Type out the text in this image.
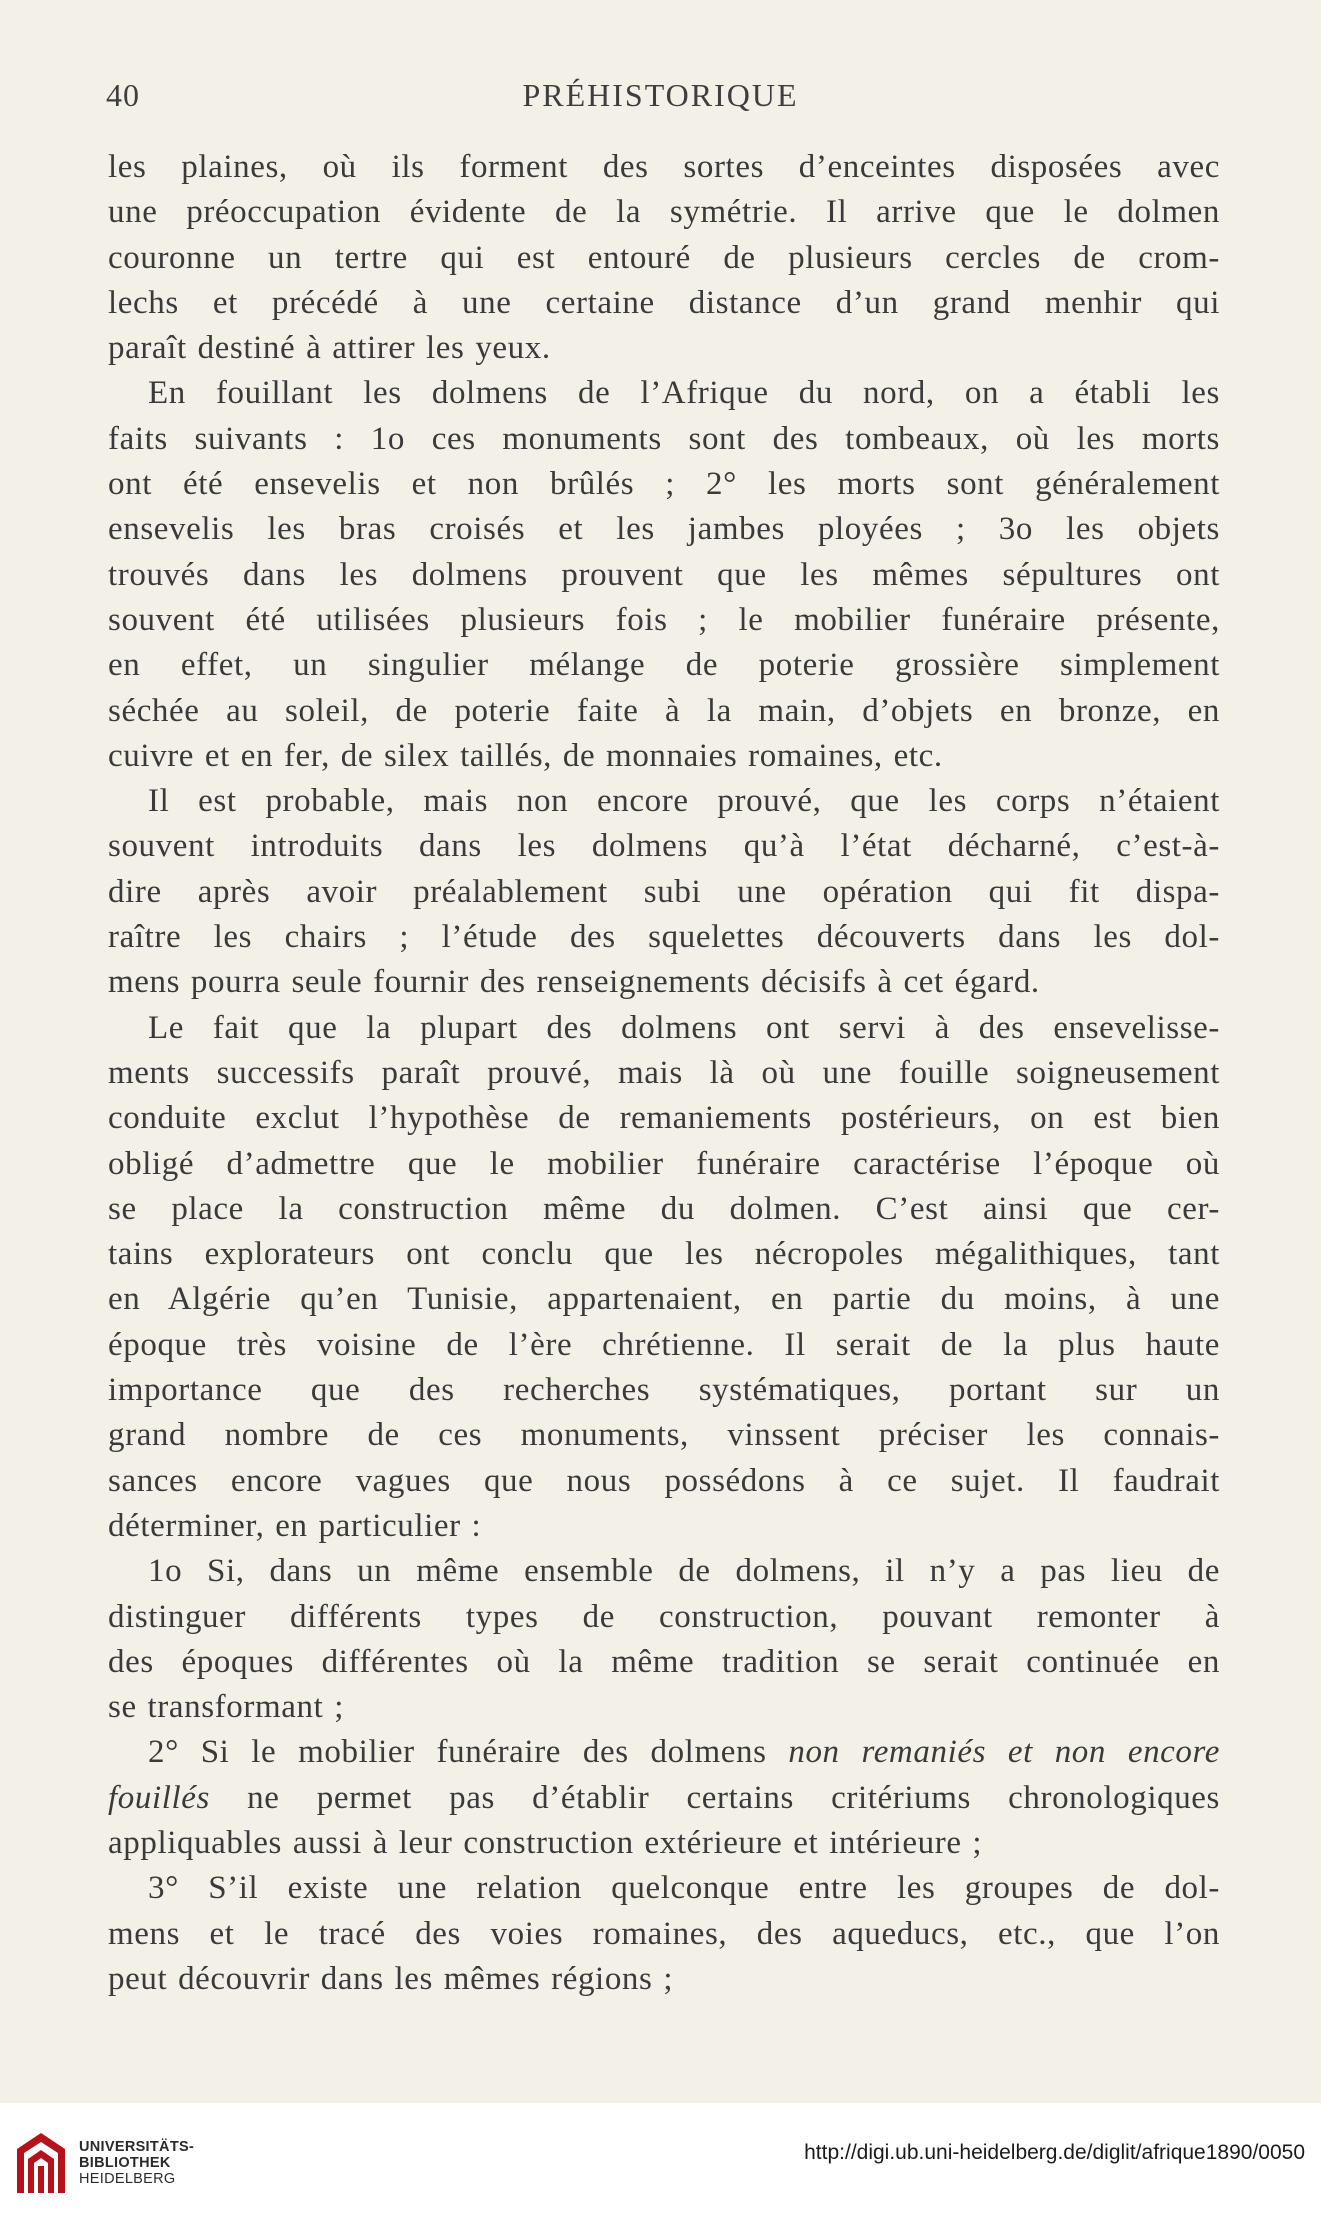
40	PRÉHISTORIQUE
les plaines, où ils forment des sortes d’enceintes disposées avec
une préoccupation évidente de la symétrie. Il arrive que le dolmen
couronne un tertre qui est entouré de plusieurs cercles de crom-
lechs et précédé à une certaine distance d’un grand menhir qui
paraît destiné à attirer les yeux.
En fouillant les dolmens de l’Afrique du nord, on a établi les
faits suivants : 1o ces monuments sont des tombeaux, où les morts
ont été ensevelis et non brûlés ; 2° les morts sont généralement
ensevelis les bras croisés et les jambes ployées ; 3o les objets
trouvés dans les dolmens prouvent que les mêmes sépultures ont
souvent été utilisées plusieurs fois ; le mobilier funéraire présente,
en effet, un singulier mélange de poterie grossière simplement
séchée au soleil, de poterie faite à la main, d’objets en bronze, en
cuivre et en fer, de silex taillés, de monnaies romaines, etc.
Il est probable, mais non encore prouvé, que les corps n’étaient
souvent introduits dans les dolmens qu’à l’état décharné, c’est-à-
dire après avoir préalablement subi une opération qui fit dispa-
raître les chairs ; l’étude des squelettes découverts dans les dol-
mens pourra seule fournir des renseignements décisifs à cet égard.
Le fait que la plupart des dolmens ont servi à des ensevelisse-
ments successifs paraît prouvé, mais là où une fouille soigneusement
conduite exclut l’hypothèse de remaniements postérieurs, on est bien
obligé d’admettre que le mobilier funéraire caractérise l’époque où
se place la construction même du dolmen. C’est ainsi que cer-
tains explorateurs ont conclu que les nécropoles mégalithiques, tant
en Algérie qu’en Tunisie, appartenaient, en partie du moins, à une
époque très voisine de l’ère chrétienne. Il serait de la plus haute
importance que des recherches systématiques, portant sur un
grand nombre de ces monuments, vinssent préciser les connais-
sances encore vagues que nous possédons à ce sujet. Il faudrait
déterminer, en particulier :
1o Si, dans un même ensemble de dolmens, il n’y a pas lieu de
distinguer différents types de construction, pouvant remonter à
des époques différentes où la même tradition se serait continuée en
se transformant ;
2° Si le mobilier funéraire des dolmens non remaniés et non encore
fouillés ne permet pas d’établir certains critériums chronologiques
appliquables aussi à leur construction extérieure et intérieure ;
3° S’il existe une relation quelconque entre les groupes de dol-
mens et le tracé des voies romaines, des aqueducs, etc., que l’on
peut découvrir dans les mêmes régions ;
UNIVERSITÄTS-
BIBLIOTHEK
HEIDELBERG
http://digi.ub.uni-heidelberg.de/diglit/afrique1890/0050
